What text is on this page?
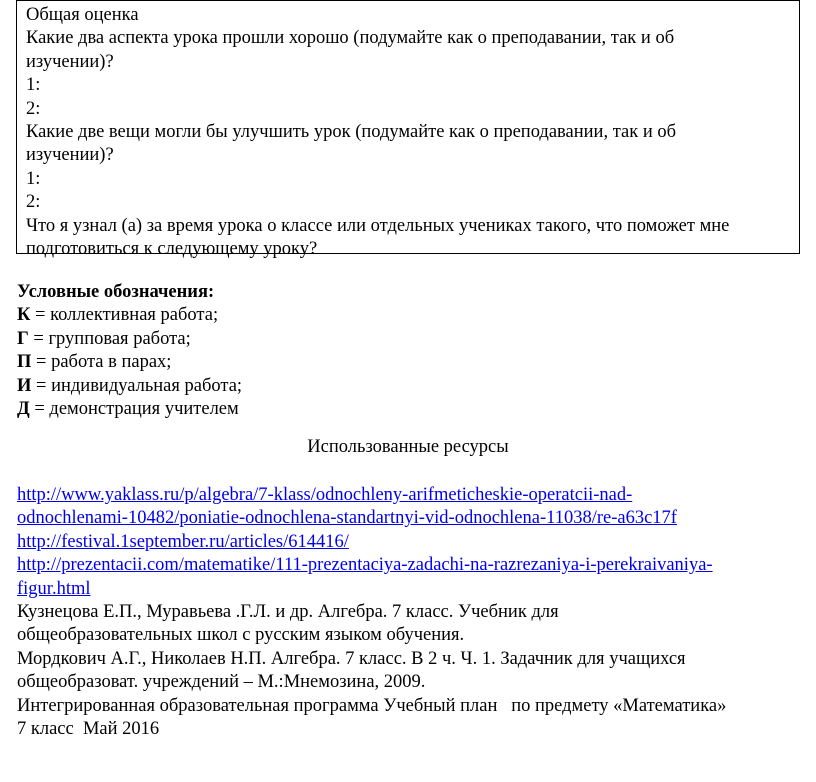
Общая оценка
Какие два аспекта урока прошли хорошо (подумайте как о преподавании, так и об
изучении)?
1:
2:
Какие две вещи могли бы улучшить урок (подумайте как о преподавании, так и об
изучении)?
1:
2:
Что я узнал (а) за время урока о классе или отдельных учениках такого, что поможет мне
подготовиться к следующему уроку?
Условные обозначения:
К = коллективная работа;
Г = групповая работа;
П = работа в парах;
И = индивидуальная работа;
Д = демонстрация учителем
Использованные ресурсы
http://www.yaklass.ru/p/algebra/7-klass/odnochleny-arifmeticheskie-operatcii-nad-
odnochlenami-10482/poniatie-odnochlena-standartnyi-vid-odnochlena-11038/re-a63c17f
http://festival.1september.ru/articles/614416/
http://prezentacii.com/matematike/111-prezentaciya-zadachi-na-razrezaniya-i-perekraivaniya-
figur.html
Кузнецова Е.П., Муравьева .Г.Л. и др. Алгебра. 7 класс. Учебник для
общеобразовательных школ с русским языком обучения.
Мордкович А.Г., Николаев Н.П. Алгебра. 7 класс. В 2 ч. Ч. 1. Задачник для учащихся
общеобразоват. учреждений – М.:Мнемозина, 2009.
Интегрированная образовательная программа Учебный план   по предмету «Математика»
7 класс  Май 2016
